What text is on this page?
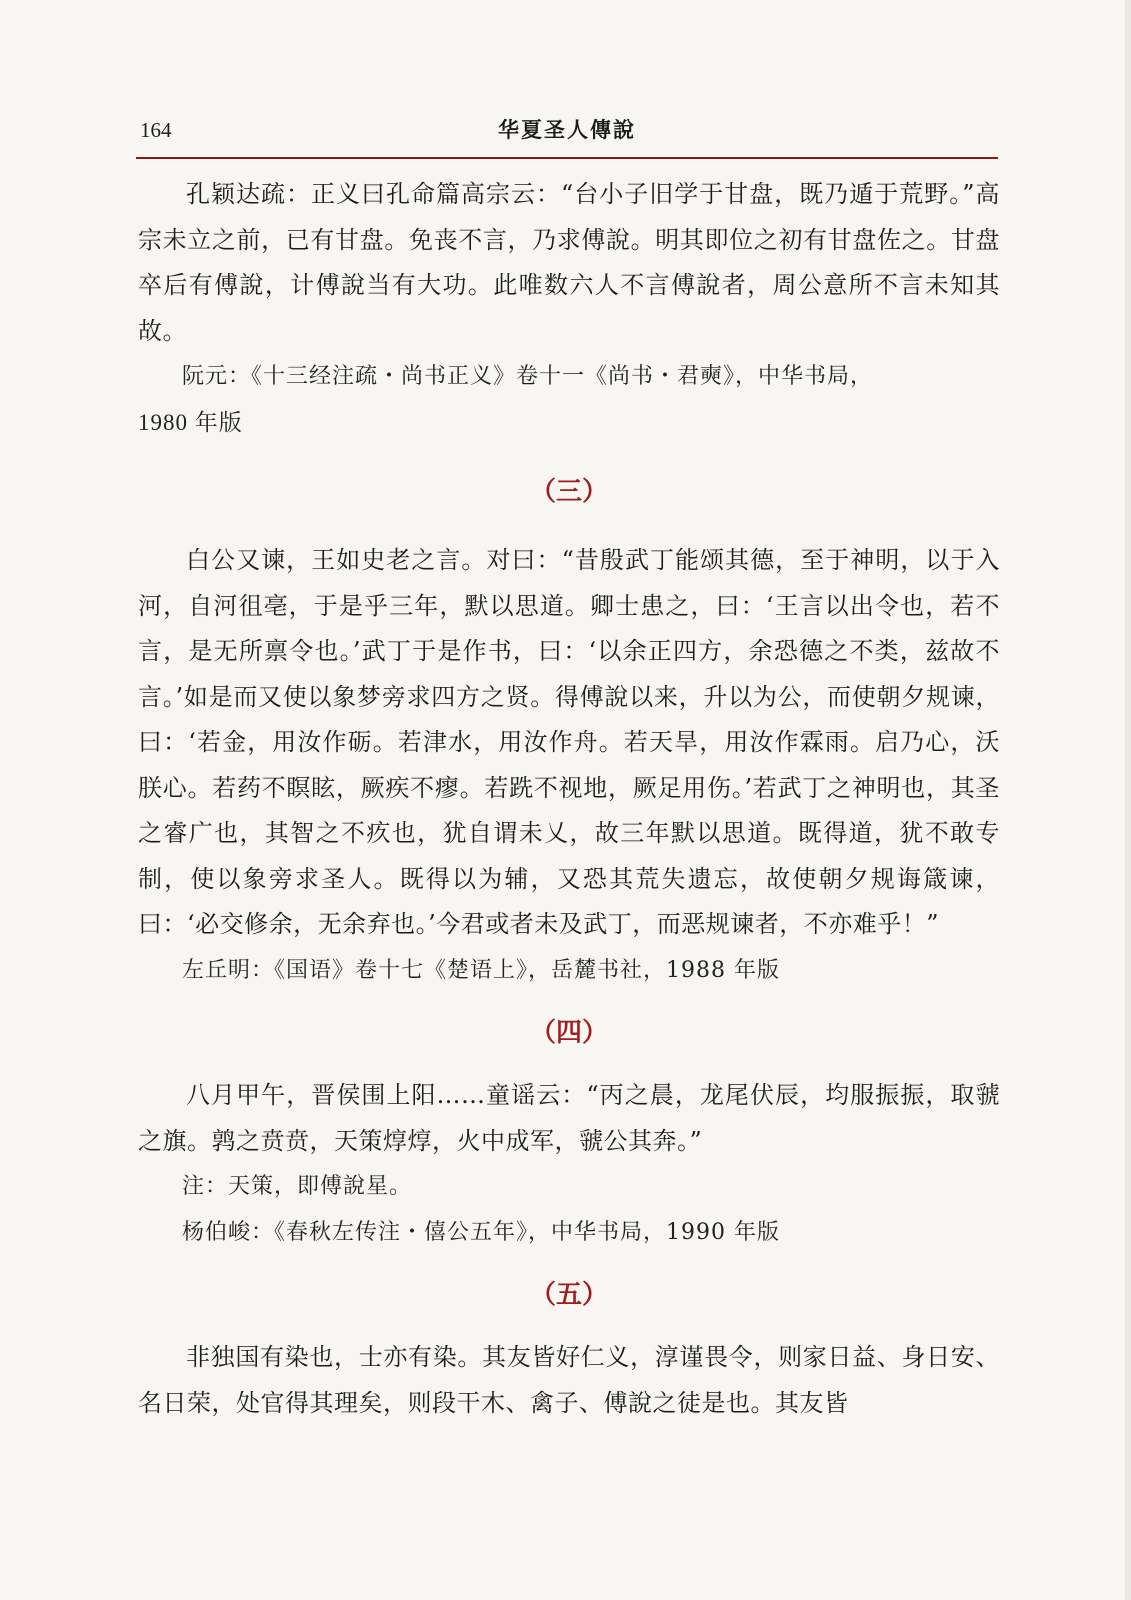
164	华夏圣人傳說

孔颖达疏：正义曰孔命篇高宗云：“台小子旧学于甘盘，既乃遁于荒野。”高宗未立之前，已有甘盘。免丧不言，乃求傅說。明其即位之初有甘盘佐之。甘盘卒后有傅說，计傅說当有大功。此唯数六人不言傅說者，周公意所不言未知其故。

阮元：《十三经注疏・尚书正义》卷十一《尚书・君奭》，中华书局，

1980 年版

（三）

白公又谏，王如史老之言。对曰：“昔殷武丁能颂其德，至于神明，以于入河，自河徂亳，于是乎三年，默以思道。卿士患之，曰：‘王言以出令也，若不言，是无所禀令也。’武丁于是作书，曰：‘以余正四方，余恐德之不类，兹故不言。’如是而又使以象梦旁求四方之贤。得傅說以来，升以为公，而使朝夕规谏，曰：‘若金，用汝作砺。若津水，用汝作舟。若天旱，用汝作霖雨。启乃心，沃朕心。若药不瞑眩，厥疾不瘳。若跣不视地，厥足用伤。’若武丁之神明也，其圣之睿广也，其智之不疚也，犹自谓未乂，故三年默以思道。既得道，犹不敢专制，使以象旁求圣人。既得以为辅，又恐其荒失遗忘，故使朝夕规诲箴谏，曰：‘必交修余，无余弃也。’今君或者未及武丁，而恶规谏者，不亦难乎！”

左丘明：《国语》卷十七《楚语上》，岳麓书社，1988 年版

（四）

八月甲午，晋侯围上阳……童谣云：“丙之晨，龙尾伏辰，均服振振，取虢之旗。鹑之贲贲，天策焞焞，火中成军，虢公其奔。”

注：天策，即傅說星。

杨伯峻：《春秋左传注・僖公五年》，中华书局，1990 年版

（五）

非独国有染也，士亦有染。其友皆好仁义，淳谨畏令，则家日益、身日安、名日荣，处官得其理矣，则段干木、禽子、傅說之徒是也。其友皆
